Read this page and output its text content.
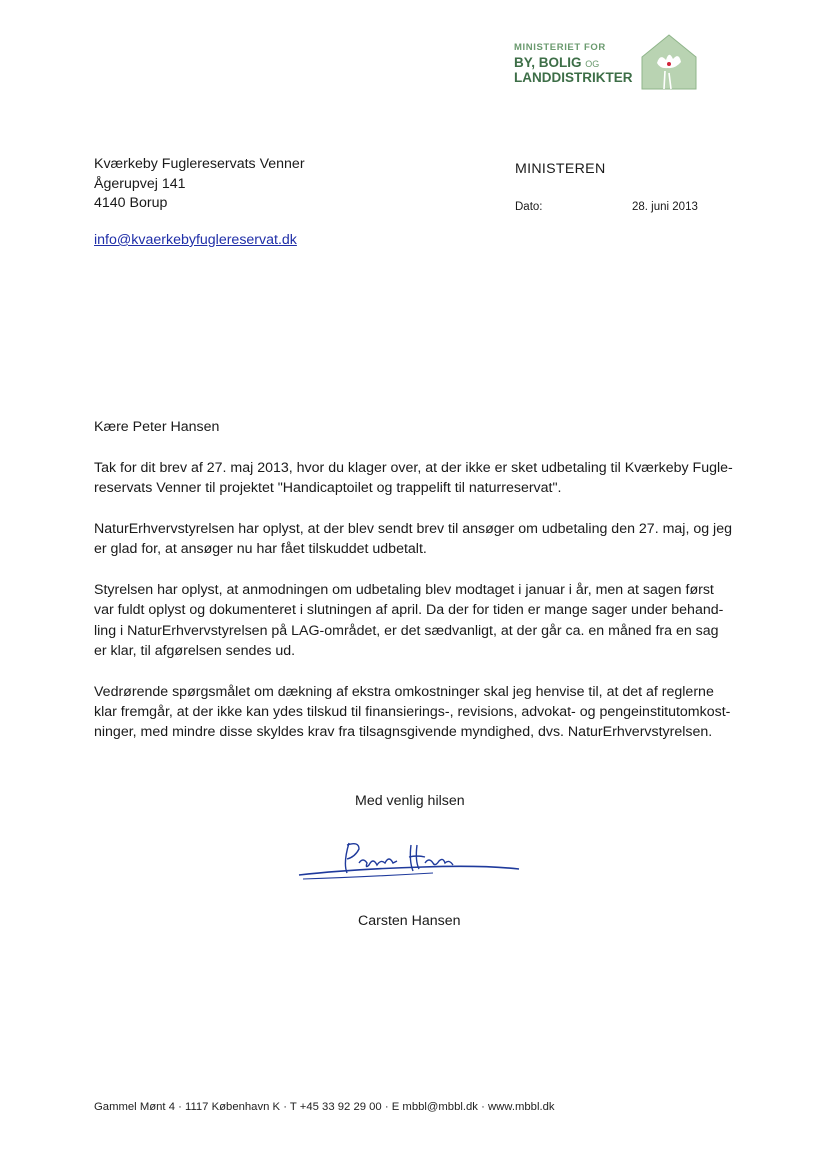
MINISTERIET FOR
BY, BOLIG OG
LANDDISTRIKTER
Kværkeby Fuglereservats Venner
Ågerupvej 141
4140 Borup
info@kvaerkebyfuglereservat.dk
MINISTEREN
Dato:	28. juni 2013

Kære Peter Hansen

Tak for dit brev af 27. maj 2013, hvor du klager over, at der ikke er sket udbetaling til Kværkeby Fugle-reservats Venner til projektet "Handicaptoilet og trappelift til naturreservat".

NaturErhvervstyrelsen har oplyst, at der blev sendt brev til ansøger om udbetaling den 27. maj, og jeg er glad for, at ansøger nu har fået tilskuddet udbetalt.

Styrelsen har oplyst, at anmodningen om udbetaling blev modtaget i januar i år, men at sagen først var fuldt oplyst og dokumenteret i slutningen af april. Da der for tiden er mange sager under behand-ling i NaturErhvervstyrelsen på LAG-området, er det sædvanligt, at der går ca. en måned fra en sag er klar, til afgørelsen sendes ud.

Vedrørende spørgsmålet om dækning af ekstra omkostninger skal jeg henvise til, at det af reglerne klar fremgår, at der ikke kan ydes tilskud til finansierings-, revisions, advokat- og pengeinstitutomkost-ninger, med mindre disse skyldes krav fra tilsagnsgivende myndighed, dvs. NaturErhvervstyrelsen.

Med venlig hilsen
Carsten Hansen
Gammel Mønt 4 · 1117 København K · T +45 33 92 29 00 · E mbbl@mbbl.dk · www.mbbl.dk
